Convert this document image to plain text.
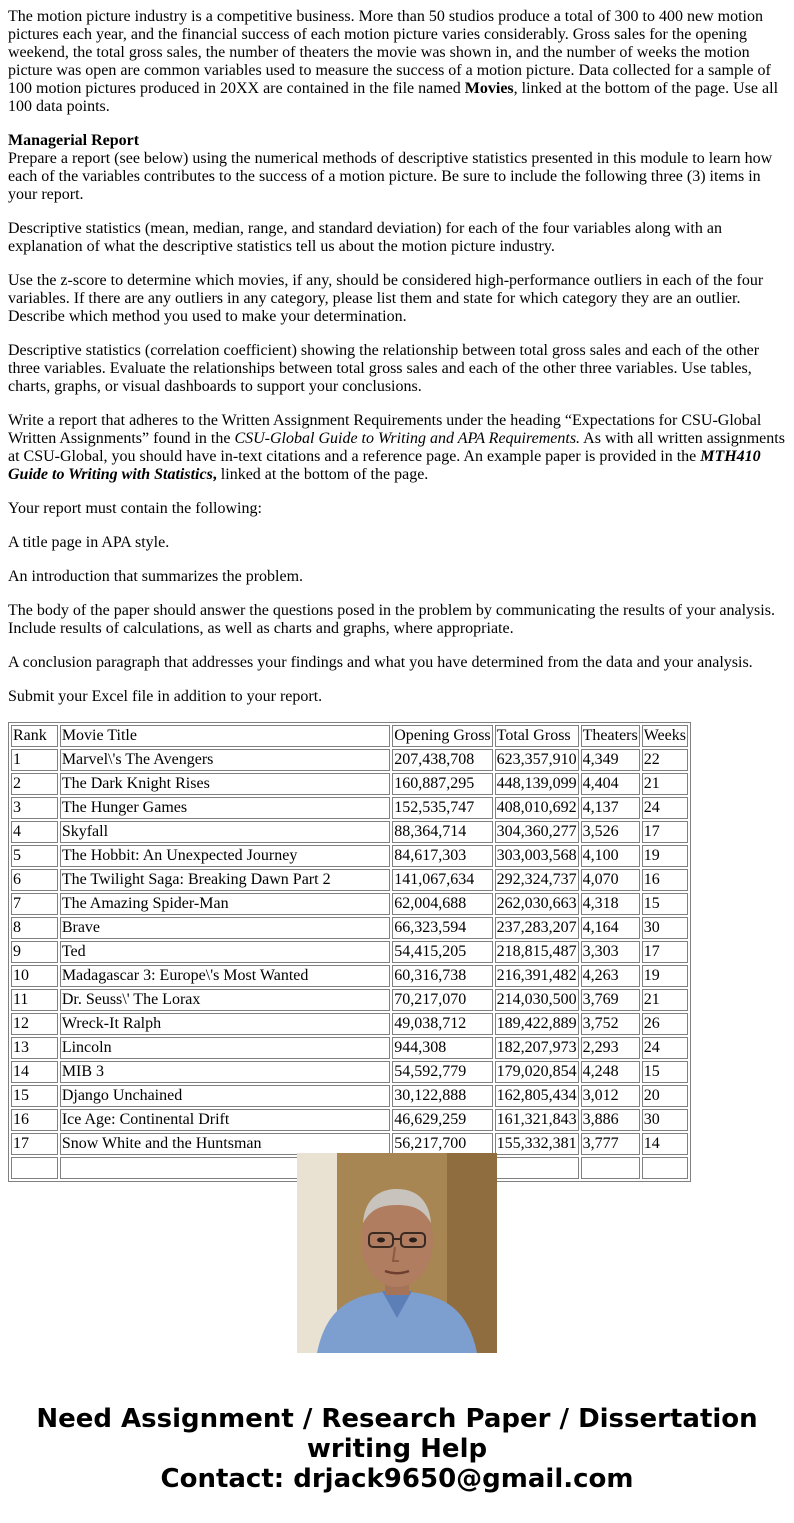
The motion picture industry is a competitive business. More than 50 studios produce a total of 300 to 400 new motion pictures each year, and the financial success of each motion picture varies considerably. Gross sales for the opening weekend, the total gross sales, the number of theaters the movie was shown in, and the number of weeks the motion picture was open are common variables used to measure the success of a motion picture. Data collected for a sample of 100 motion pictures produced in 20XX are contained in the file named Movies, linked at the bottom of the page. Use all 100 data points.

Managerial Report
Prepare a report (see below) using the numerical methods of descriptive statistics presented in this module to learn how each of the variables contributes to the success of a motion picture. Be sure to include the following three (3) items in your report.

Descriptive statistics (mean, median, range, and standard deviation) for each of the four variables along with an explanation of what the descriptive statistics tell us about the motion picture industry.

Use the z-score to determine which movies, if any, should be considered high-performance outliers in each of the four variables. If there are any outliers in any category, please list them and state for which category they are an outlier. Describe which method you used to make your determination.

Descriptive statistics (correlation coefficient) showing the relationship between total gross sales and each of the other three variables. Evaluate the relationships between total gross sales and each of the other three variables. Use tables, charts, graphs, or visual dashboards to support your conclusions.

Write a report that adheres to the Written Assignment Requirements under the heading “Expectations for CSU-Global Written Assignments” found in the CSU-Global Guide to Writing and APA Requirements. As with all written assignments at CSU-Global, you should have in-text citations and a reference page. An example paper is provided in the MTH410 Guide to Writing with Statistics, linked at the bottom of the page.

Your report must contain the following:

A title page in APA style.

An introduction that summarizes the problem.

The body of the paper should answer the questions posed in the problem by communicating the results of your analysis. Include results of calculations, as well as charts and graphs, where appropriate.

A conclusion paragraph that addresses your findings and what you have determined from the data and your analysis.

Submit your Excel file in addition to your report.

Rank	Movie Title	Opening Gross	Total Gross	Theaters	Weeks
1	Marvel\'s The Avengers	207,438,708	623,357,910	4,349	22
2	The Dark Knight Rises	160,887,295	448,139,099	4,404	21
3	The Hunger Games	152,535,747	408,010,692	4,137	24
4	Skyfall	88,364,714	304,360,277	3,526	17
5	The Hobbit: An Unexpected Journey	84,617,303	303,003,568	4,100	19
6	The Twilight Saga: Breaking Dawn Part 2	141,067,634	292,324,737	4,070	16
7	The Amazing Spider-Man	62,004,688	262,030,663	4,318	15
8	Brave	66,323,594	237,283,207	4,164	30
9	Ted	54,415,205	218,815,487	3,303	17
10	Madagascar 3: Europe\'s Most Wanted	60,316,738	216,391,482	4,263	19
11	Dr. Seuss\' The Lorax	70,217,070	214,030,500	3,769	21
12	Wreck-It Ralph	49,038,712	189,422,889	3,752	26
13	Lincoln	944,308	182,207,973	2,293	24
14	MIB 3	54,592,779	179,020,854	4,248	15
15	Django Unchained	30,122,888	162,805,434	3,012	20
16	Ice Age: Continental Drift	46,629,259	161,321,843	3,886	30
17	Snow White and the Huntsman	56,217,700	155,332,381	3,777	14

Need Assignment / Research Paper / Dissertation
writing Help
Contact: drjack9650@gmail.com
